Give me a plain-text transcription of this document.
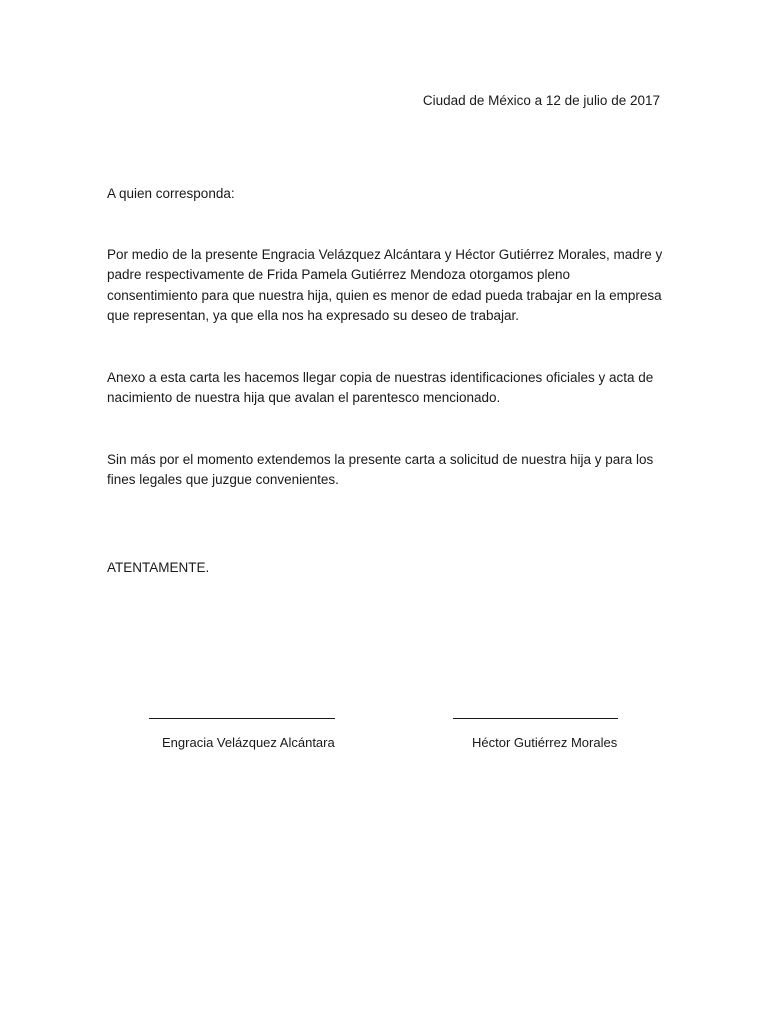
Ciudad de México a 12 de julio de 2017
A quien corresponda:

Por medio de la presente Engracia Velázquez Alcántara y Héctor Gutiérrez Morales, madre y padre respectivamente de Frida Pamela Gutiérrez Mendoza otorgamos pleno consentimiento para que nuestra hija, quien es menor de edad pueda trabajar en la empresa que representan, ya que ella nos ha expresado su deseo de trabajar.

Anexo a esta carta les hacemos llegar copia de nuestras identificaciones oficiales y acta de nacimiento de nuestra hija que avalan el parentesco mencionado.

Sin más por el momento extendemos la presente carta a solicitud de nuestra hija y para los fines legales que juzgue convenientes.

ATENTAMENTE.
Engracia Velázquez Alcántara	Héctor Gutiérrez Morales
